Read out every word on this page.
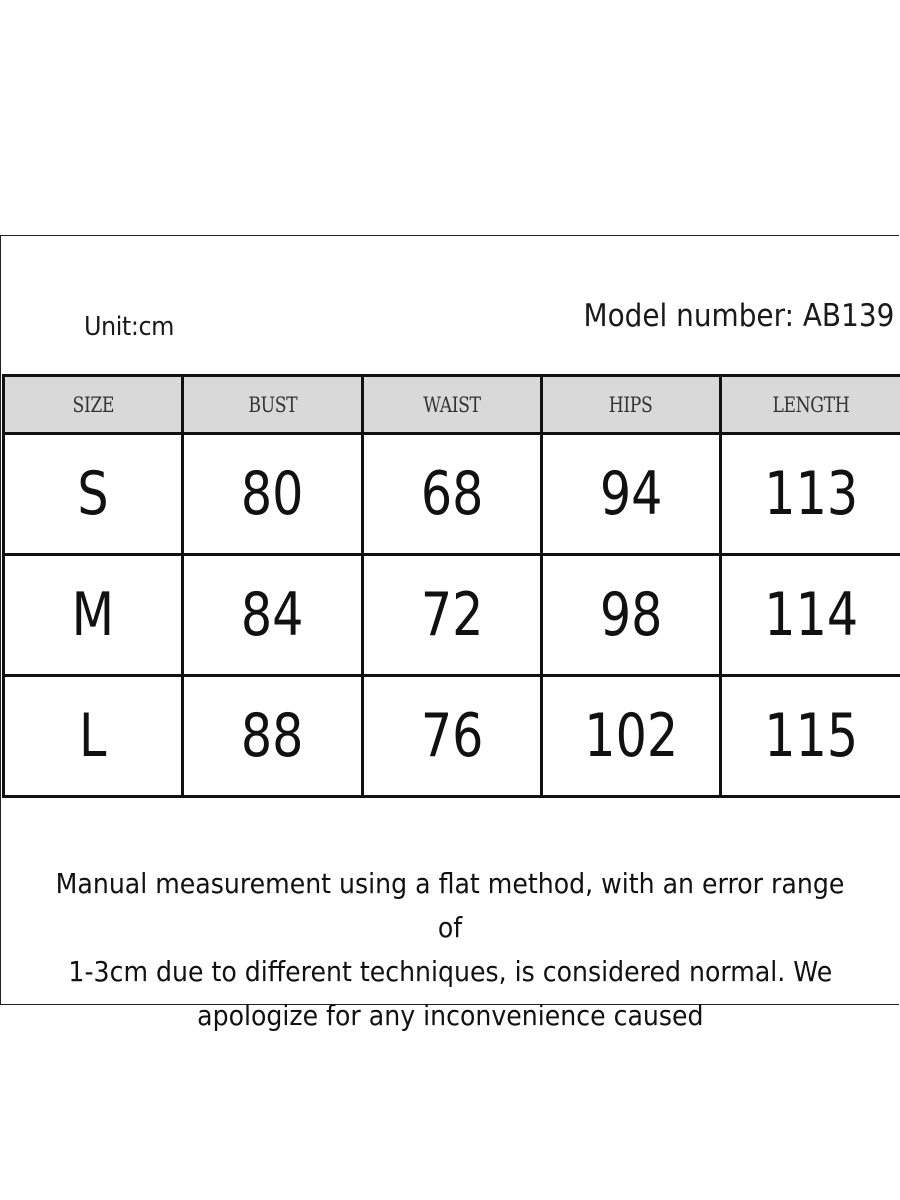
Unit:cm	Model number: AB139
SIZE	BUST	WAIST	HIPS	LENGTH
S	80	68	94	113
M	84	72	98	114
L	88	76	102	115
Manual measurement using a flat method, with an error range of
1-3cm due to different techniques, is considered normal. We
apologize for any inconvenience caused
